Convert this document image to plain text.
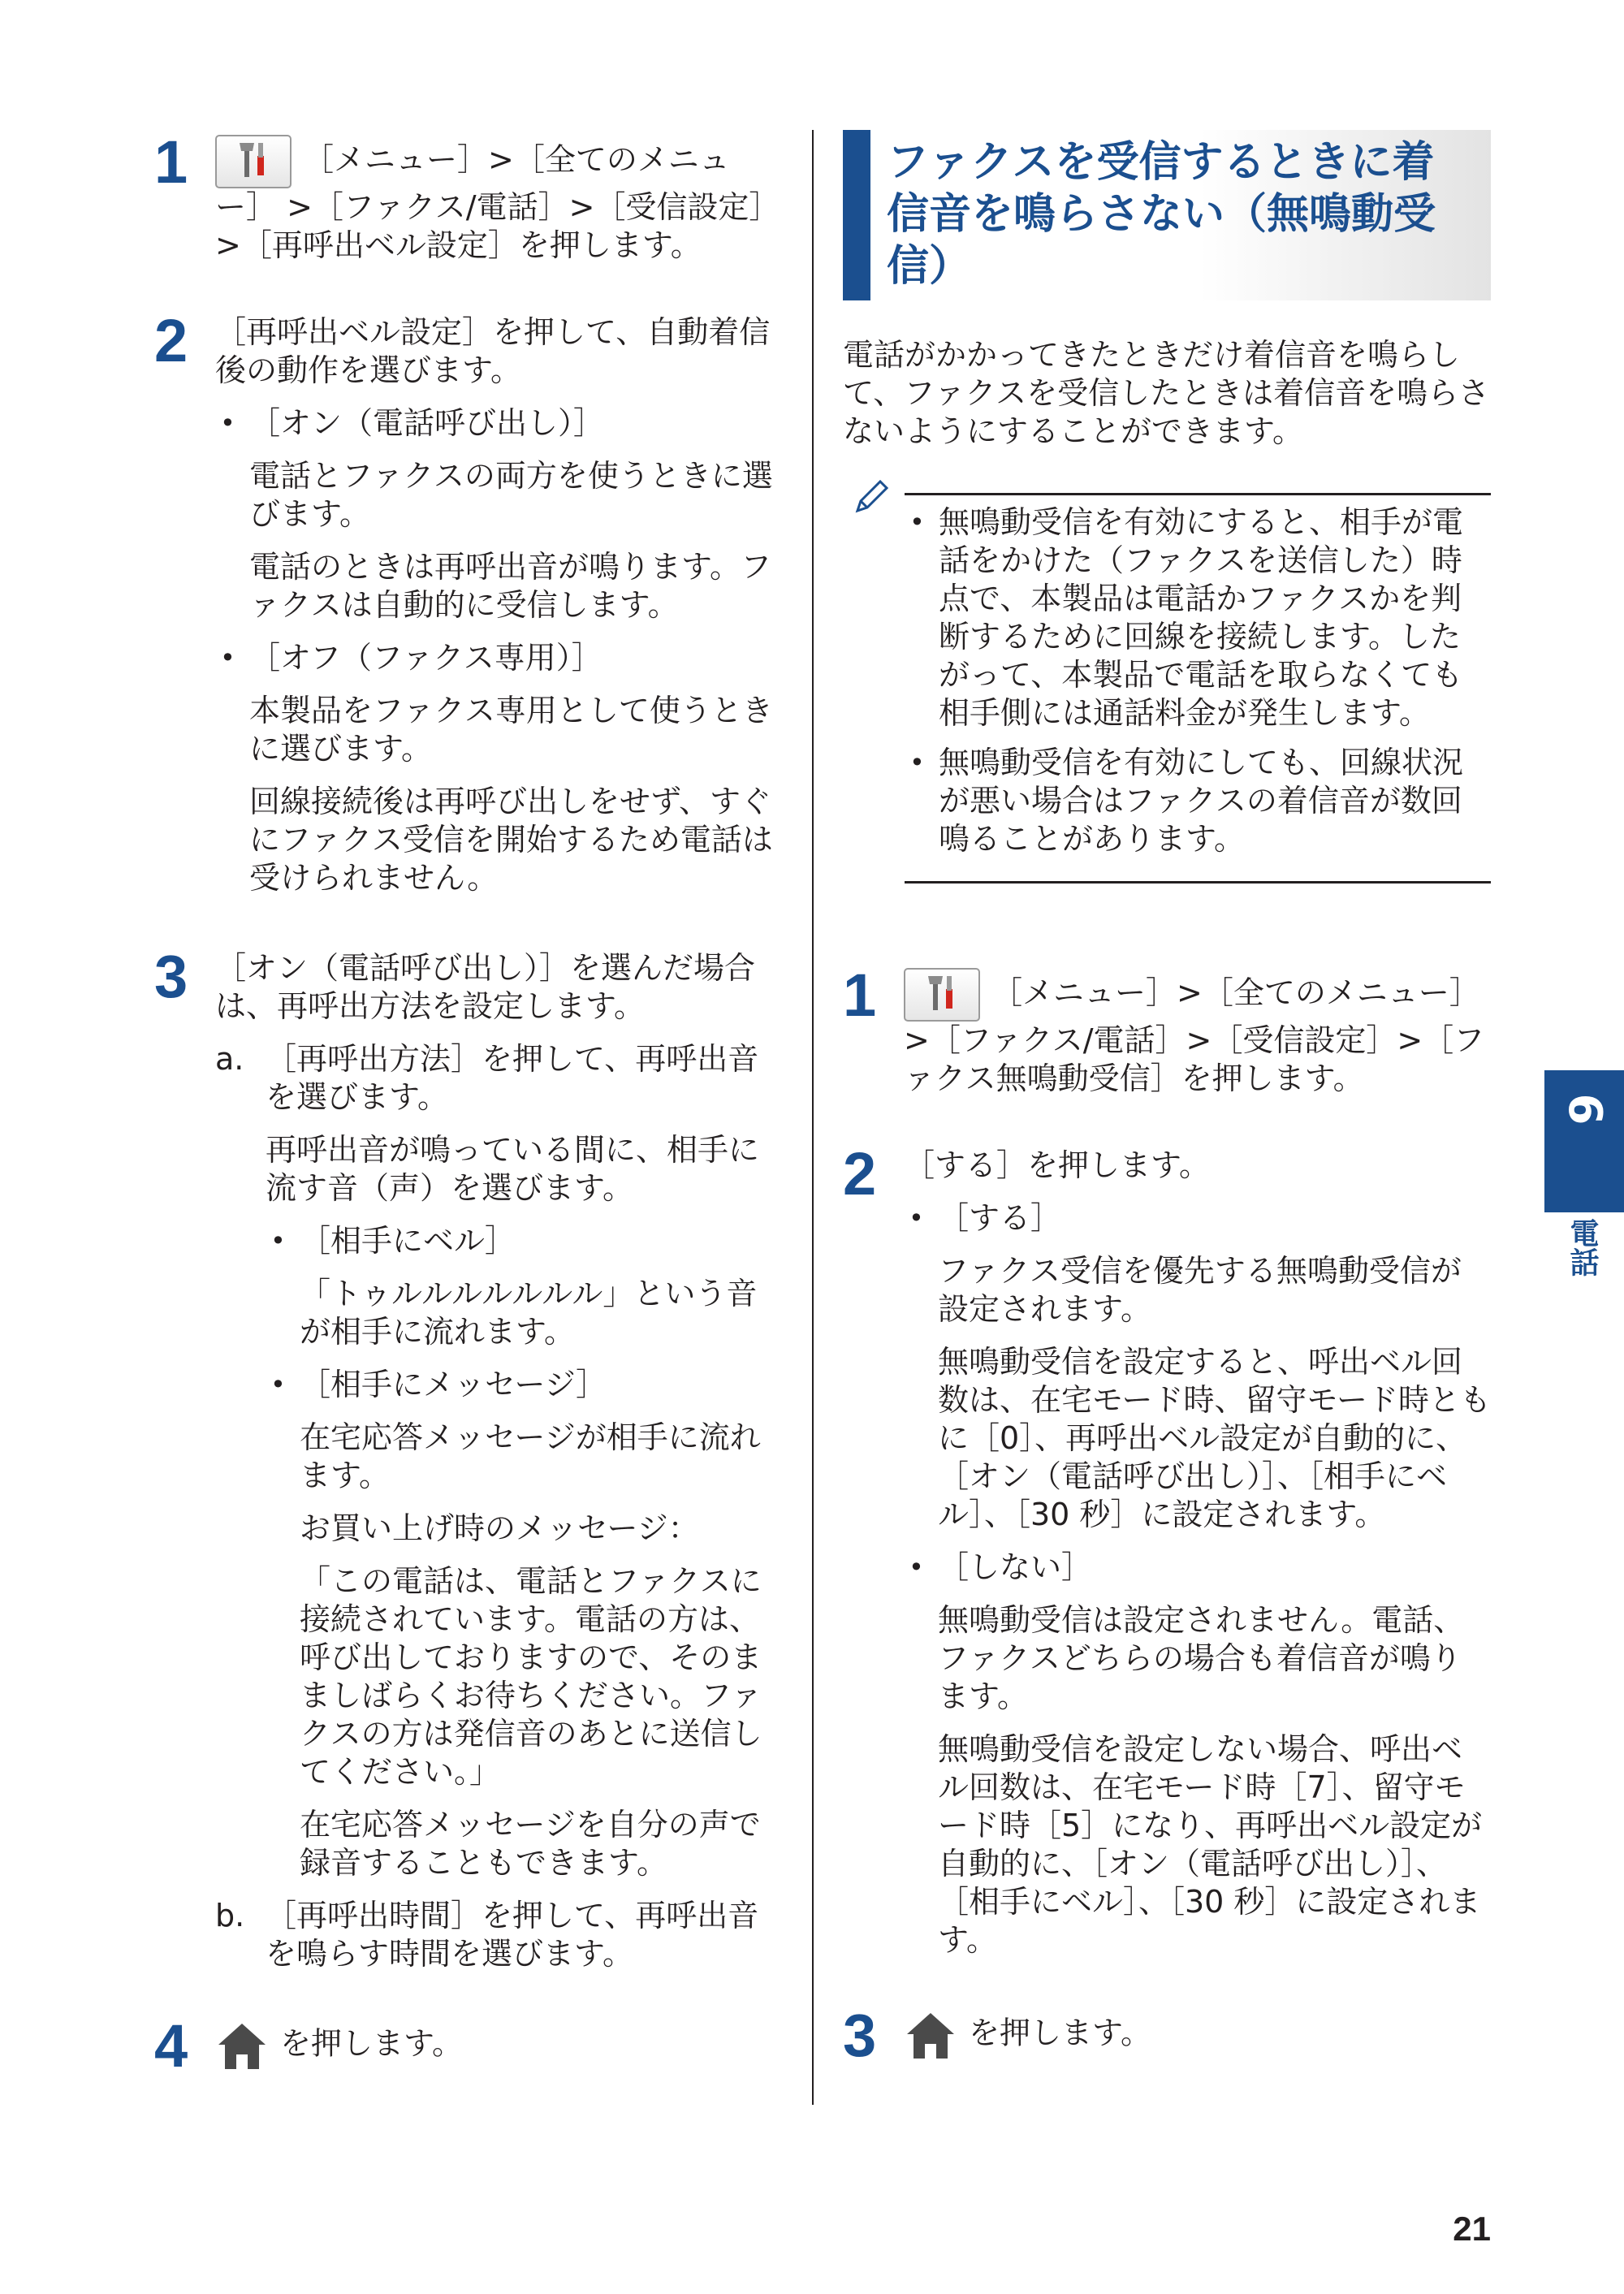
1	［メニュー］>［全てのメニュー］ >［ファクス/電話］>［受信設定］>［再呼出ベル設定］を押します。

2 ［再呼出ベル設定］を押して、自動着信後の動作を選びます。

• ［オン（電話呼び出し）］

電話とファクスの両方を使うときに選びます。

電話のときは再呼出音が鳴ります。ファクスは自動的に受信します。

• ［オフ（ファクス専用）］

本製品をファクス専用として使うときに選びます。

回線接続後は再呼び出しをせず、すぐにファクス受信を開始するため電話は受けられません。

3 ［オン（電話呼び出し）］を選んだ場合は、再呼出方法を設定します。

a. ［再呼出方法］を押して、再呼出音を選びます。

再呼出音が鳴っている間に、相手に流す音（声）を選びます。

• ［相手にベル］

「トゥルルルルルルル」という音が相手に流れます。

• ［相手にメッセージ］

在宅応答メッセージが相手に流れます。

お買い上げ時のメッセージ：

「この電話は、電話とファクスに接続されています。電話の方は、呼び出しておりますので、そのまましばらくお待ちください。ファクスの方は発信音のあとに送信してください。」

在宅応答メッセージを自分の声で録音することもできます。

b. ［再呼出時間］を押して、再呼出音を鳴らす時間を選びます。

4	を押します。

ファクスを受信するときに着信音を鳴らさない（無鳴動受信）

電話がかかってきたときだけ着信音を鳴らして、ファクスを受信したときは着信音を鳴らさないようにすることができます。

• 無鳴動受信を有効にすると、相手が電話をかけた（ファクスを送信した）時点で、本製品は電話かファクスかを判断するために回線を接続します。したがって、本製品で電話を取らなくても相手側には通話料金が発生します。
• 無鳴動受信を有効にしても、回線状況が悪い場合はファクスの着信音が数回鳴ることがあります。
1	［メニュー］>［全てのメニュー］ >［ファクス/電話］>［受信設定］>［ファクス無鳴動受信］を押します。

2 ［する］を押します。

• ［する］

ファクス受信を優先する無鳴動受信が設定されます。

無鳴動受信を設定すると、呼出ベル回数は、在宅モード時、留守モード時ともに［0］、再呼出ベル設定が自動的に、［オン（電話呼び出し）］、［相手にベル］、［30 秒］に設定されます。

• ［しない］

無鳴動受信は設定されません。電話、ファクスどちらの場合も着信音が鳴ります。

無鳴動受信を設定しない場合、呼出ベル回数は、在宅モード時［7］、留守モード時［5］になり、再呼出ベル設定が自動的に、［オン（電話呼び出し）］、［相手にベル］、［30 秒］に設定されます。

3	を押します。

6
電話
21
